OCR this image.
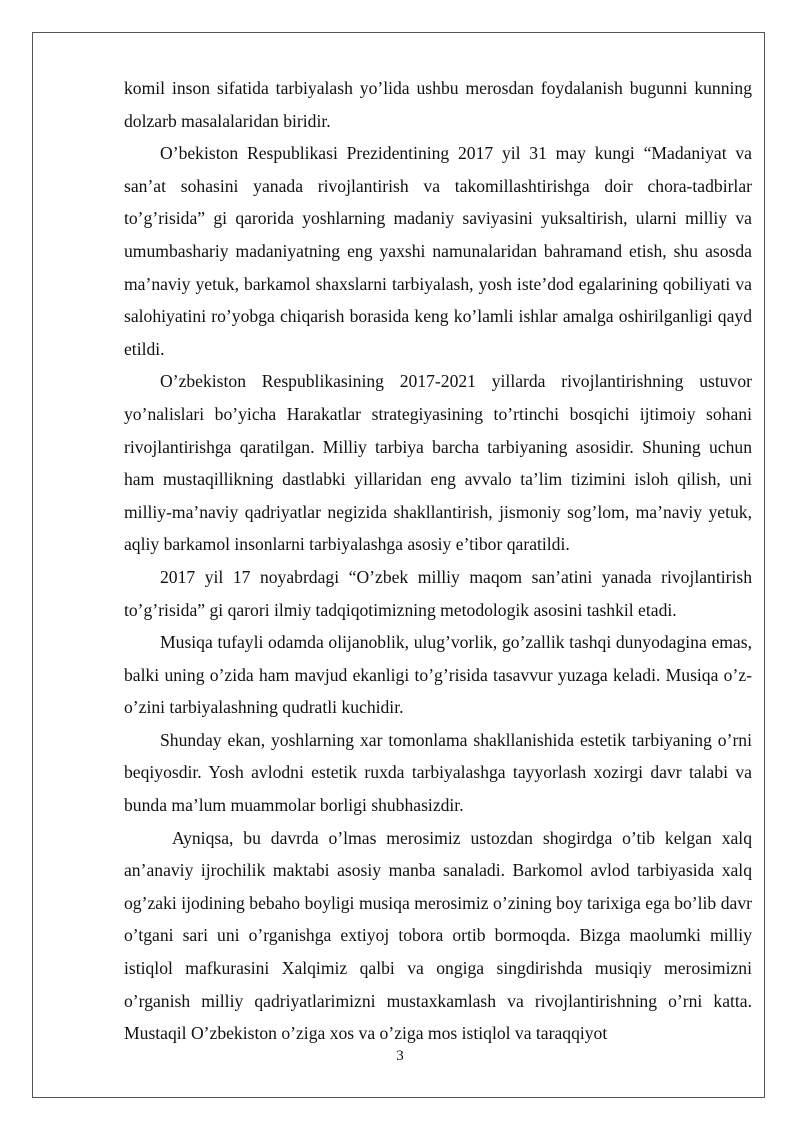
komil inson sifatida tarbiyalash yo’lida ushbu merosdan foydalanish bugunni kunning dolzarb masalalaridan biridir.

O’bekiston Respublikasi Prezidentining 2017 yil 31 may kungi “Madaniyat va san’at sohasini yanada rivojlantirish va takomillashtirishga doir chora-tadbirlar to’g’risida” gi qarorida yoshlarning madaniy saviyasini yuksaltirish, ularni milliy va umumbashariy madaniyatning eng yaxshi namunalaridan bahramand etish, shu asosda ma’naviy yetuk, barkamol shaxslarni tarbiyalash, yosh iste’dod egalarining qobiliyati va salohiyatini ro’yobga chiqarish borasida keng ko’lamli ishlar amalga oshirilganligi qayd etildi.

O’zbekiston Respublikasining 2017-2021 yillarda rivojlantirishning ustuvor yo’nalislari bo’yicha Harakatlar strategiyasining to’rtinchi bosqichi ijtimoiy sohani rivojlantirishga qaratilgan. Milliy tarbiya barcha tarbiyaning asosidir. Shuning uchun ham mustaqillikning dastlabki yillaridan eng avvalo ta’lim tizimini isloh qilish, uni milliy-ma’naviy qadriyatlar negizida shakllantirish, jismoniy sog’lom, ma’naviy yetuk, aqliy barkamol insonlarni tarbiyalashga asosiy e’tibor qaratildi.

2017 yil 17 noyabrdagi “O’zbek milliy maqom san’atini yanada rivojlantirish to’g’risida” gi qarori ilmiy tadqiqotimizning metodologik asosini tashkil etadi.

Musiqa tufayli odamda olijanoblik, ulug’vorlik, go’zallik tashqi dunyodagina emas, balki uning o’zida ham mavjud ekanligi to’g’risida tasavvur yuzaga keladi. Musiqa o’z-o’zini tarbiyalashning qudratli kuchidir.

Shunday ekan, yoshlarning xar tomonlama shakllanishida estetik tarbiyaning o’rni beqiyosdir. Yosh avlodni estetik ruxda tarbiyalashga tayyorlash xozirgi davr talabi va bunda ma’lum muammolar borligi shubhasizdir.

Ayniqsa, bu davrda o’lmas merosimiz ustozdan shogirdga o’tib kelgan xalq an’anaviy ijrochilik maktabi asosiy manba sanaladi. Barkomol avlod tarbiyasida xalq og’zaki ijodining bebaho boyligi musiqa merosimiz o’zining boy tarixiga ega bo’lib davr o’tgani sari uni o’rganishga extiyoj tobora ortib bormoqda. Bizga maolumki milliy istiqlol mafkurasini Xalqimiz qalbi va ongiga singdirishda musiqiy merosimizni o’rganish milliy qadriyatlarimizni mustaxkamlash va rivojlantirishning o’rni katta. Mustaqil O’zbekiston o’ziga xos va o’ziga mos istiqlol va taraqqiyot

3
